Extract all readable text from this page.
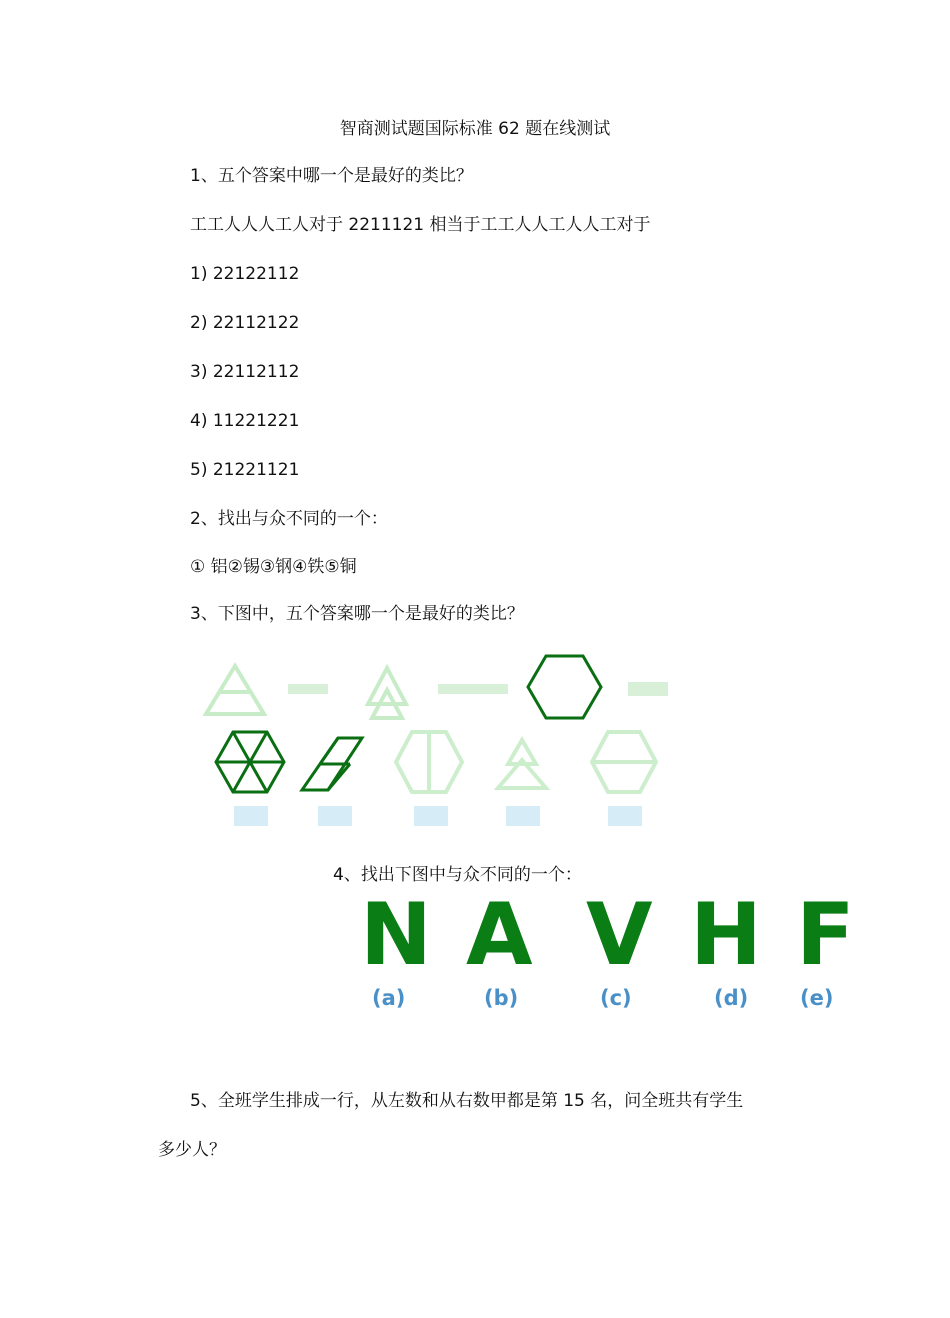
智商测试题国际标准 62 题在线测试
1、五个答案中哪一个是最好的类比？
工工人人人工人对于 2211121 相当于工工人人工人人工对于
1) 22122112
2) 22112122
3) 22112112
4) 11221221
5) 21221121
2、找出与众不同的一个：
① 铝②锡③钢④铁⑤铜
3、下图中，五个答案哪一个是最好的类比？
4、找出下图中与众不同的一个：
N A V H F
(a)	(b)	(c)	(d) (e)
5、全班学生排成一行，从左数和从右数甲都是第 15 名，问全班共有学生
多少人？
